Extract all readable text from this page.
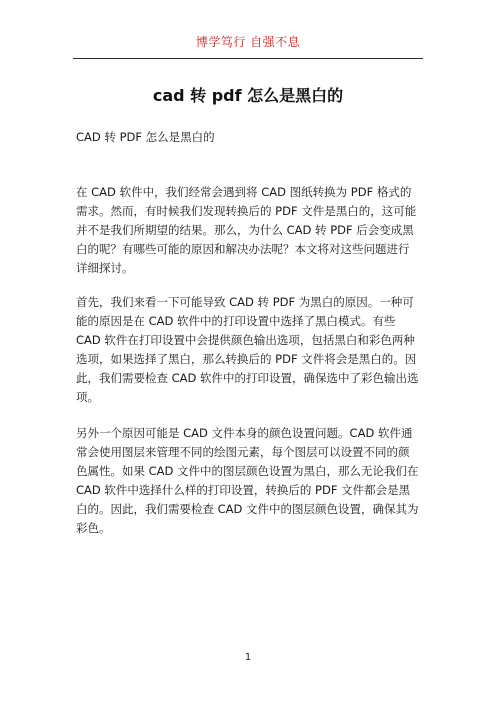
博学笃行 自强不息
cad 转 pdf 怎么是黑白的
CAD 转 PDF 怎么是黑白的
在 CAD 软件中，我们经常会遇到将 CAD 图纸转换为 PDF 格式的
需求。然而，有时候我们发现转换后的 PDF 文件是黑白的，这可能
并不是我们所期望的结果。那么，为什么 CAD 转 PDF 后会变成黑
白的呢？有哪些可能的原因和解决办法呢？本文将对这些问题进行
详细探讨。
首先，我们来看一下可能导致 CAD 转 PDF 为黑白的原因。一种可
能的原因是在 CAD 软件中的打印设置中选择了黑白模式。有些
CAD 软件在打印设置中会提供颜色输出选项，包括黑白和彩色两种
选项，如果选择了黑白，那么转换后的 PDF 文件将会是黑白的。因
此，我们需要检查 CAD 软件中的打印设置，确保选中了彩色输出选
项。
另外一个原因可能是 CAD 文件本身的颜色设置问题。CAD 软件通
常会使用图层来管理不同的绘图元素，每个图层可以设置不同的颜
色属性。如果 CAD 文件中的图层颜色设置为黑白，那么无论我们在
CAD 软件中选择什么样的打印设置，转换后的 PDF 文件都会是黑
白的。因此，我们需要检查 CAD 文件中的图层颜色设置，确保其为
彩色。
1
